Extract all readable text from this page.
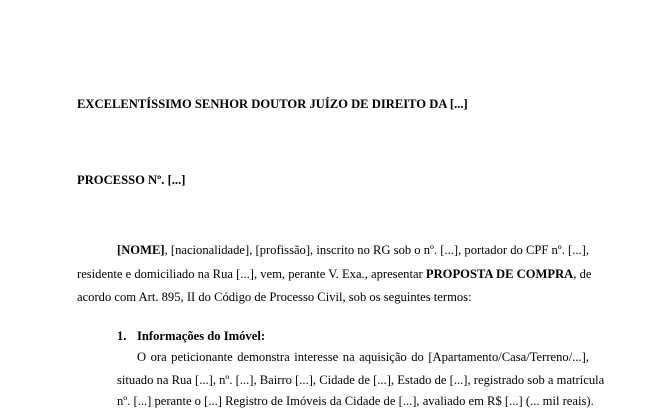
EXCELENTÍSSIMO SENHOR DOUTOR JUÍZO DE DIREITO DA [...]
PROCESSO Nº. [...]
[NOME], [nacionalidade], [profissão], inscrito no RG sob o nº. [...], portador do CPF nº. [...],
residente e domiciliado na Rua [...], vem, perante V. Exa., apresentar PROPOSTA DE COMPRA, de
acordo com Art. 895, II do Código de Processo Civil, sob os seguintes termos:
1. Informações do Imóvel:
O ora peticionante demonstra interesse na aquisição do [Apartamento/Casa/Terreno/...],
situado na Rua [...], nº. [...], Bairro [...], Cidade de [...], Estado de [...], registrado sob a matrícula
nº. [...] perante o [...] Registro de Imóveis da Cidade de [...], avaliado em R$ [...] (... mil reais).
